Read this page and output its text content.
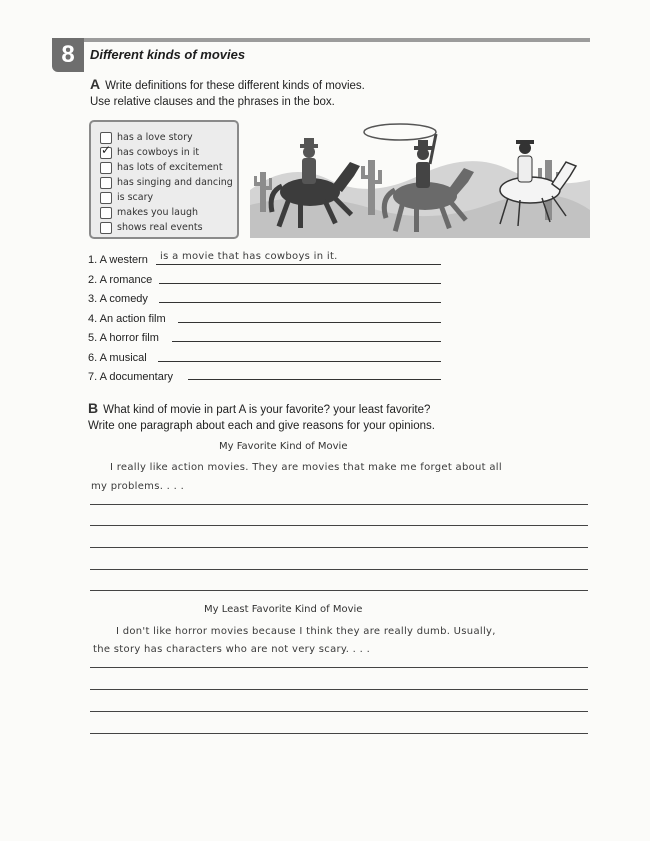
8	Different kinds of movies
A Write definitions for these different kinds of movies.
Use relative clauses and the phrases in the box.
has a love story
✓ has cowboys in it
has lots of excitement
has singing and dancing
is scary
makes you laugh
shows real events
1. A western is a movie that has cowboys in it.
2. A romance
3. A comedy
4. An action film
5. A horror film
6. A musical
7. A documentary
B What kind of movie in part A is your favorite? your least favorite?
Write one paragraph about each and give reasons for your opinions.
My Favorite Kind of Movie
I really like action movies. They are movies that make me forget about all
my problems. . . .
My Least Favorite Kind of Movie
I don't like horror movies because I think they are really dumb. Usually,
the story has characters who are not very scary. . . .
